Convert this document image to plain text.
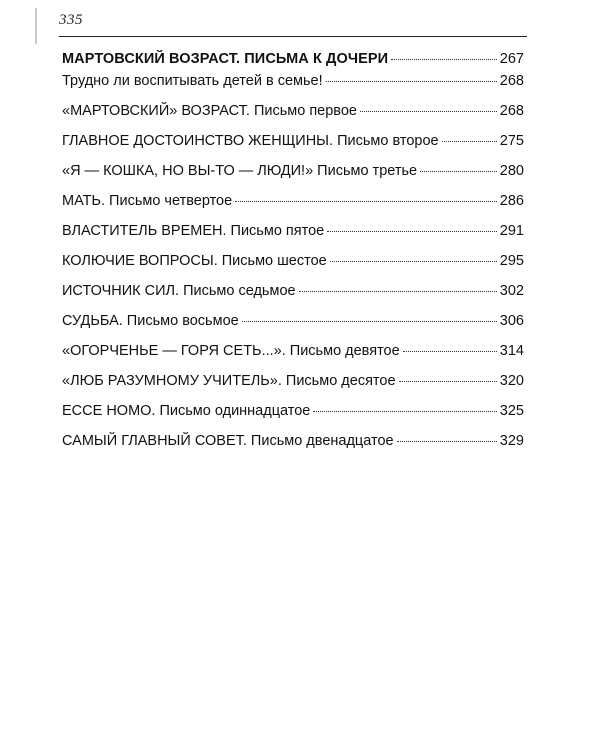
335
МАРТОВСКИЙ ВОЗРАСТ. ПИСЬМА К ДОЧЕРИ	267
Трудно ли воспитывать детей в семье!	268
«МАРТОВСКИЙ» ВОЗРАСТ. Письмо первое	268
ГЛАВНОЕ ДОСТОИНСТВО ЖЕНЩИНЫ. Письмо второе	275
«Я — КОШКА, НО ВЫ-ТО — ЛЮДИ!» Письмо третье	280
МАТЬ. Письмо четвертое	286
ВЛАСТИТЕЛЬ ВРЕМЕН. Письмо пятое	291
КОЛЮЧИЕ ВОПРОСЫ. Письмо шестое	295
ИСТОЧНИК СИЛ. Письмо седьмое	302
СУДЬБА. Письмо восьмое	306
«ОГОРЧЕНЬЕ — ГОРЯ СЕТЬ...». Письмо девятое	314
«ЛЮБ РАЗУМНОМУ УЧИТЕЛЬ». Письмо десятое	320
ЕССЕ НОМО. Письмо одиннадцатое	325
САМЫЙ ГЛАВНЫЙ СОВЕТ. Письмо двенадцатое	329
